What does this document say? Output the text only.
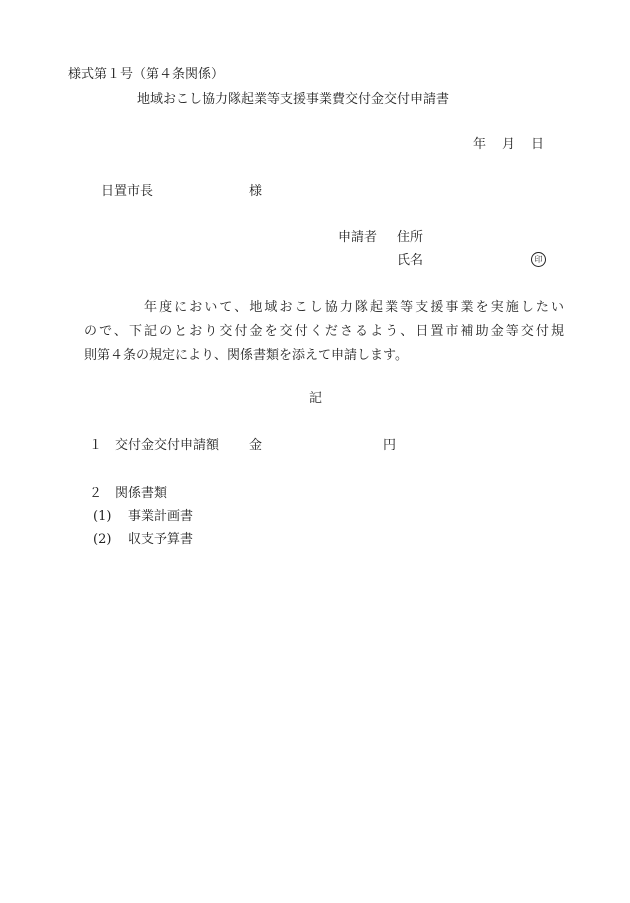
様式第１号（第４条関係）
地域おこし協力隊起業等支援事業費交付金交付申請書
年 月 日
日置市長	様
申請者 住所
氏名	印
年度において、地域おこし協力隊起業等支援事業を実施したい
ので、下記のとおり交付金を交付くださるよう、日置市補助金等交付規
則第４条の規定により、関係書類を添えて申請します。
記
１ 交付金交付申請額 金	円
２ 関係書類
(1) 事業計画書
(2) 収支予算書
